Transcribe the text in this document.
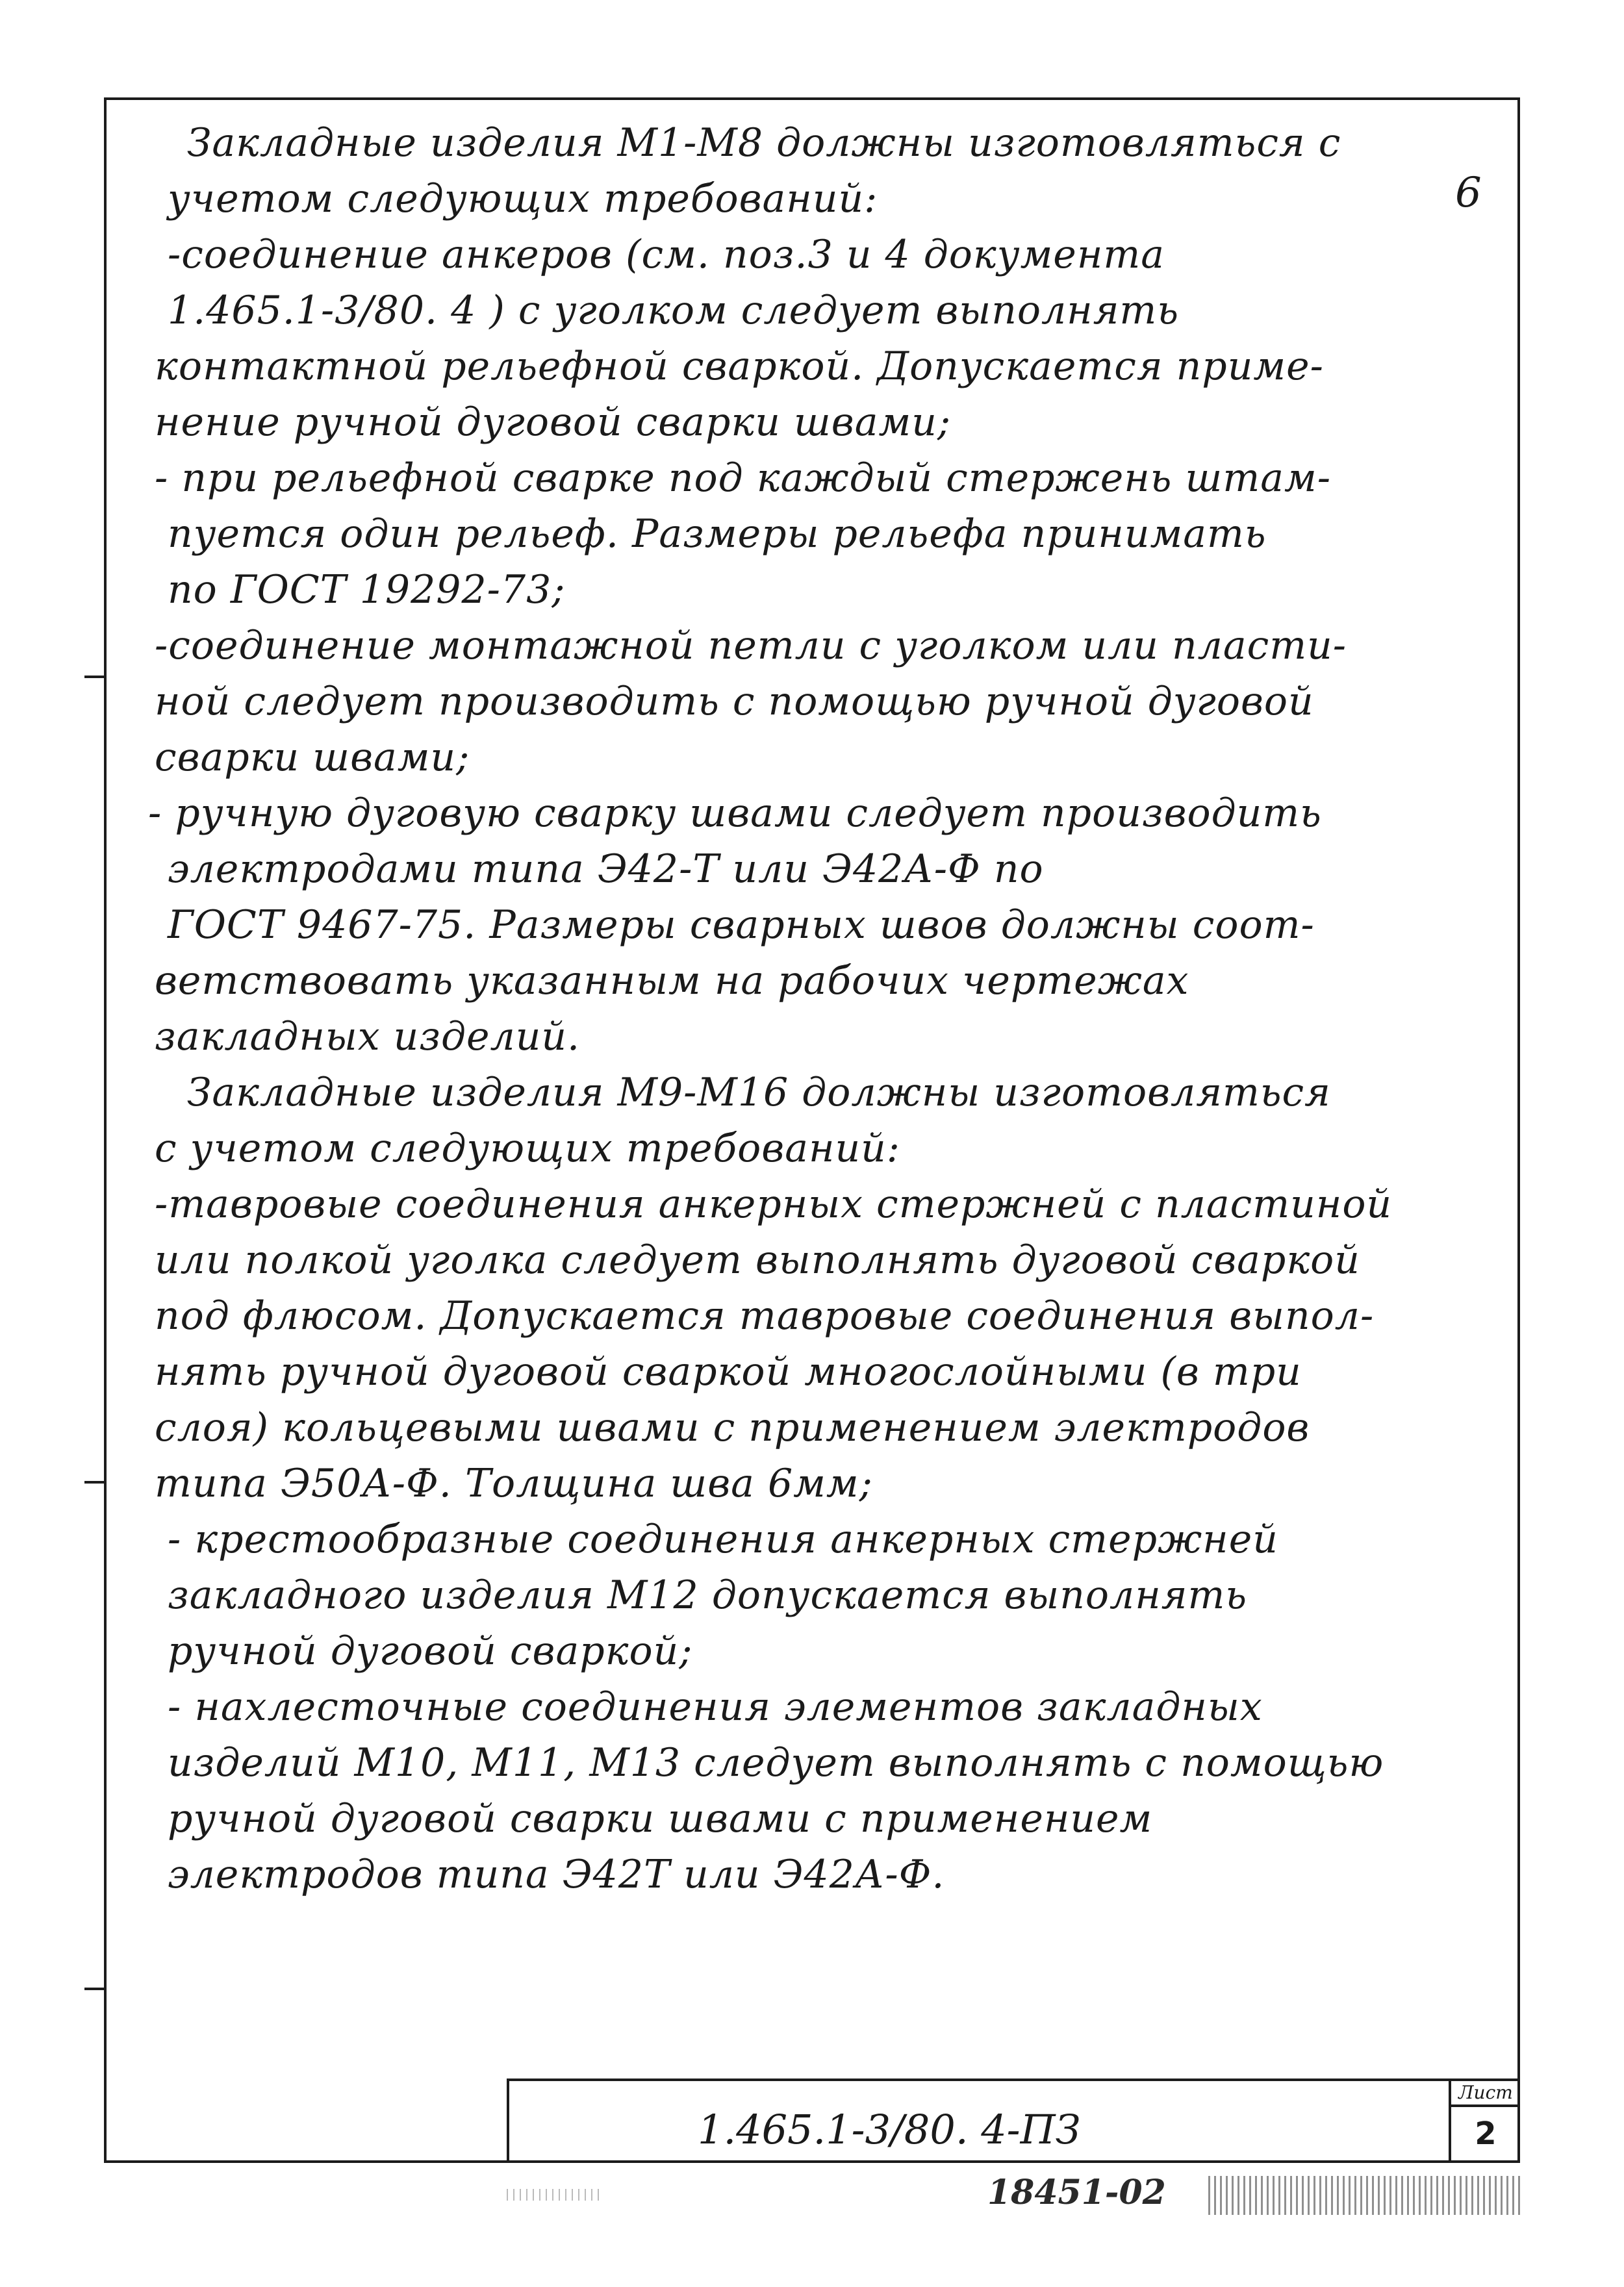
6
Закладные изделия М1-М8 должны изготовляться с
учетом следующих требований:
-соединение анкеров (см. поз.3 и 4 документа
1.465.1-3/80. 4 ) с уголком следует выполнять
контактной рельефной сваркой. Допускается приме-
нение ручной дуговой сварки швами;
- при рельефной сварке под каждый стержень штам-
пуется один рельеф. Размеры рельефа принимать
по ГОСТ 19292-73;
-соединение монтажной петли с уголком или пласти-
ной следует производить с помощью ручной дуговой
сварки швами;
- ручную дуговую сварку швами следует производить
электродами типа Э42-Т или Э42А-Ф по
ГОСТ 9467-75. Размеры сварных швов должны соот-
ветствовать указанным на рабочих чертежах
закладных изделий.
Закладные изделия М9-М16 должны изготовляться
с учетом следующих требований:
-тавровые соединения анкерных стержней с пластиной
или полкой уголка следует выполнять дуговой сваркой
под флюсом. Допускается тавровые соединения выпол-
нять ручной дуговой сваркой многослойными (в три
слоя) кольцевыми швами с применением электродов
типа Э50А-Ф. Толщина шва 6мм;
- крестообразные соединения анкерных стержней
закладного изделия М12 допускается выполнять
ручной дуговой сваркой;
- нахлесточные соединения элементов закладных
изделий М10, М11, М13 следует выполнять с помощью
ручной дуговой сварки швами с применением
электродов типа Э42Т или Э42А-Ф.
1.465.1-3/80. 4-ПЗ
Лист
2
18451-02
